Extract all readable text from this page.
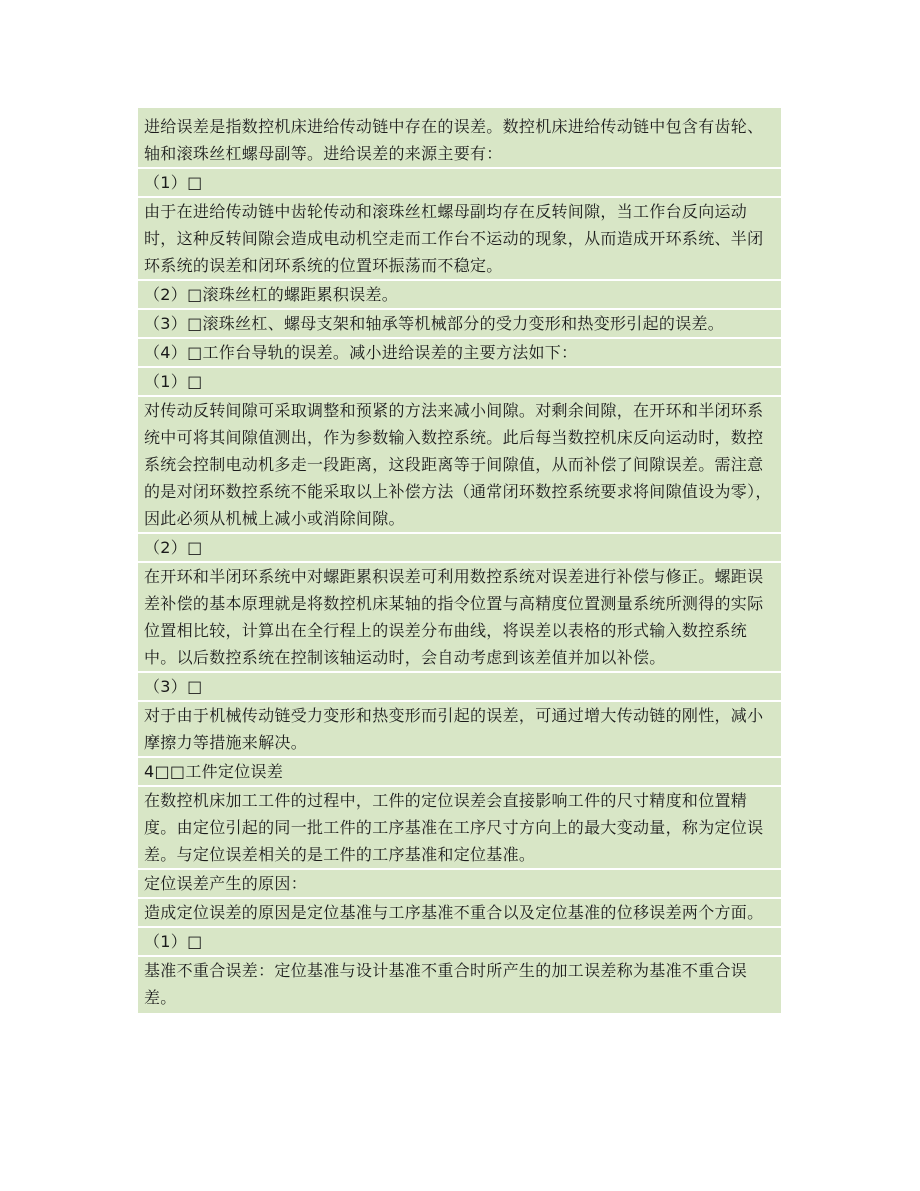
进给误差是指数控机床进给传动链中存在的误差。数控机床进给传动链中包含有齿轮、轴和滚珠丝杠螺母副等。进给误差的来源主要有：
（1）□
由于在进给传动链中齿轮传动和滚珠丝杠螺母副均存在反转间隙，当工作台反向运动时，这种反转间隙会造成电动机空走而工作台不运动的现象，从而造成开环系统、半闭环系统的误差和闭环系统的位置环振荡而不稳定。
（2）□滚珠丝杠的螺距累积误差。
（3）□滚珠丝杠、螺母支架和轴承等机械部分的受力变形和热变形引起的误差。
（4）□工作台导轨的误差。减小进给误差的主要方法如下：
（1）□
对传动反转间隙可采取调整和预紧的方法来减小间隙。对剩余间隙，在开环和半闭环系统中可将其间隙值测出，作为参数输入数控系统。此后每当数控机床反向运动时，数控系统会控制电动机多走一段距离，这段距离等于间隙值，从而补偿了间隙误差。需注意的是对闭环数控系统不能采取以上补偿方法（通常闭环数控系统要求将间隙值设为零），因此必须从机械上减小或消除间隙。
（2）□
在开环和半闭环系统中对螺距累积误差可利用数控系统对误差进行补偿与修正。螺距误差补偿的基本原理就是将数控机床某轴的指令位置与高精度位置测量系统所测得的实际位置相比较，计算出在全行程上的误差分布曲线，将误差以表格的形式输入数控系统中。以后数控系统在控制该轴运动时，会自动考虑到该差值并加以补偿。
（3）□
对于由于机械传动链受力变形和热变形而引起的误差，可通过增大传动链的刚性，减小摩擦力等措施来解决。
4□□工件定位误差
在数控机床加工工件的过程中，工件的定位误差会直接影响工件的尺寸精度和位置精度。由定位引起的同一批工件的工序基准在工序尺寸方向上的最大变动量，称为定位误差。与定位误差相关的是工件的工序基准和定位基准。
定位误差产生的原因：
造成定位误差的原因是定位基准与工序基准不重合以及定位基准的位移误差两个方面。
（1）□
基准不重合误差：定位基准与设计基准不重合时所产生的加工误差称为基准不重合误差。
